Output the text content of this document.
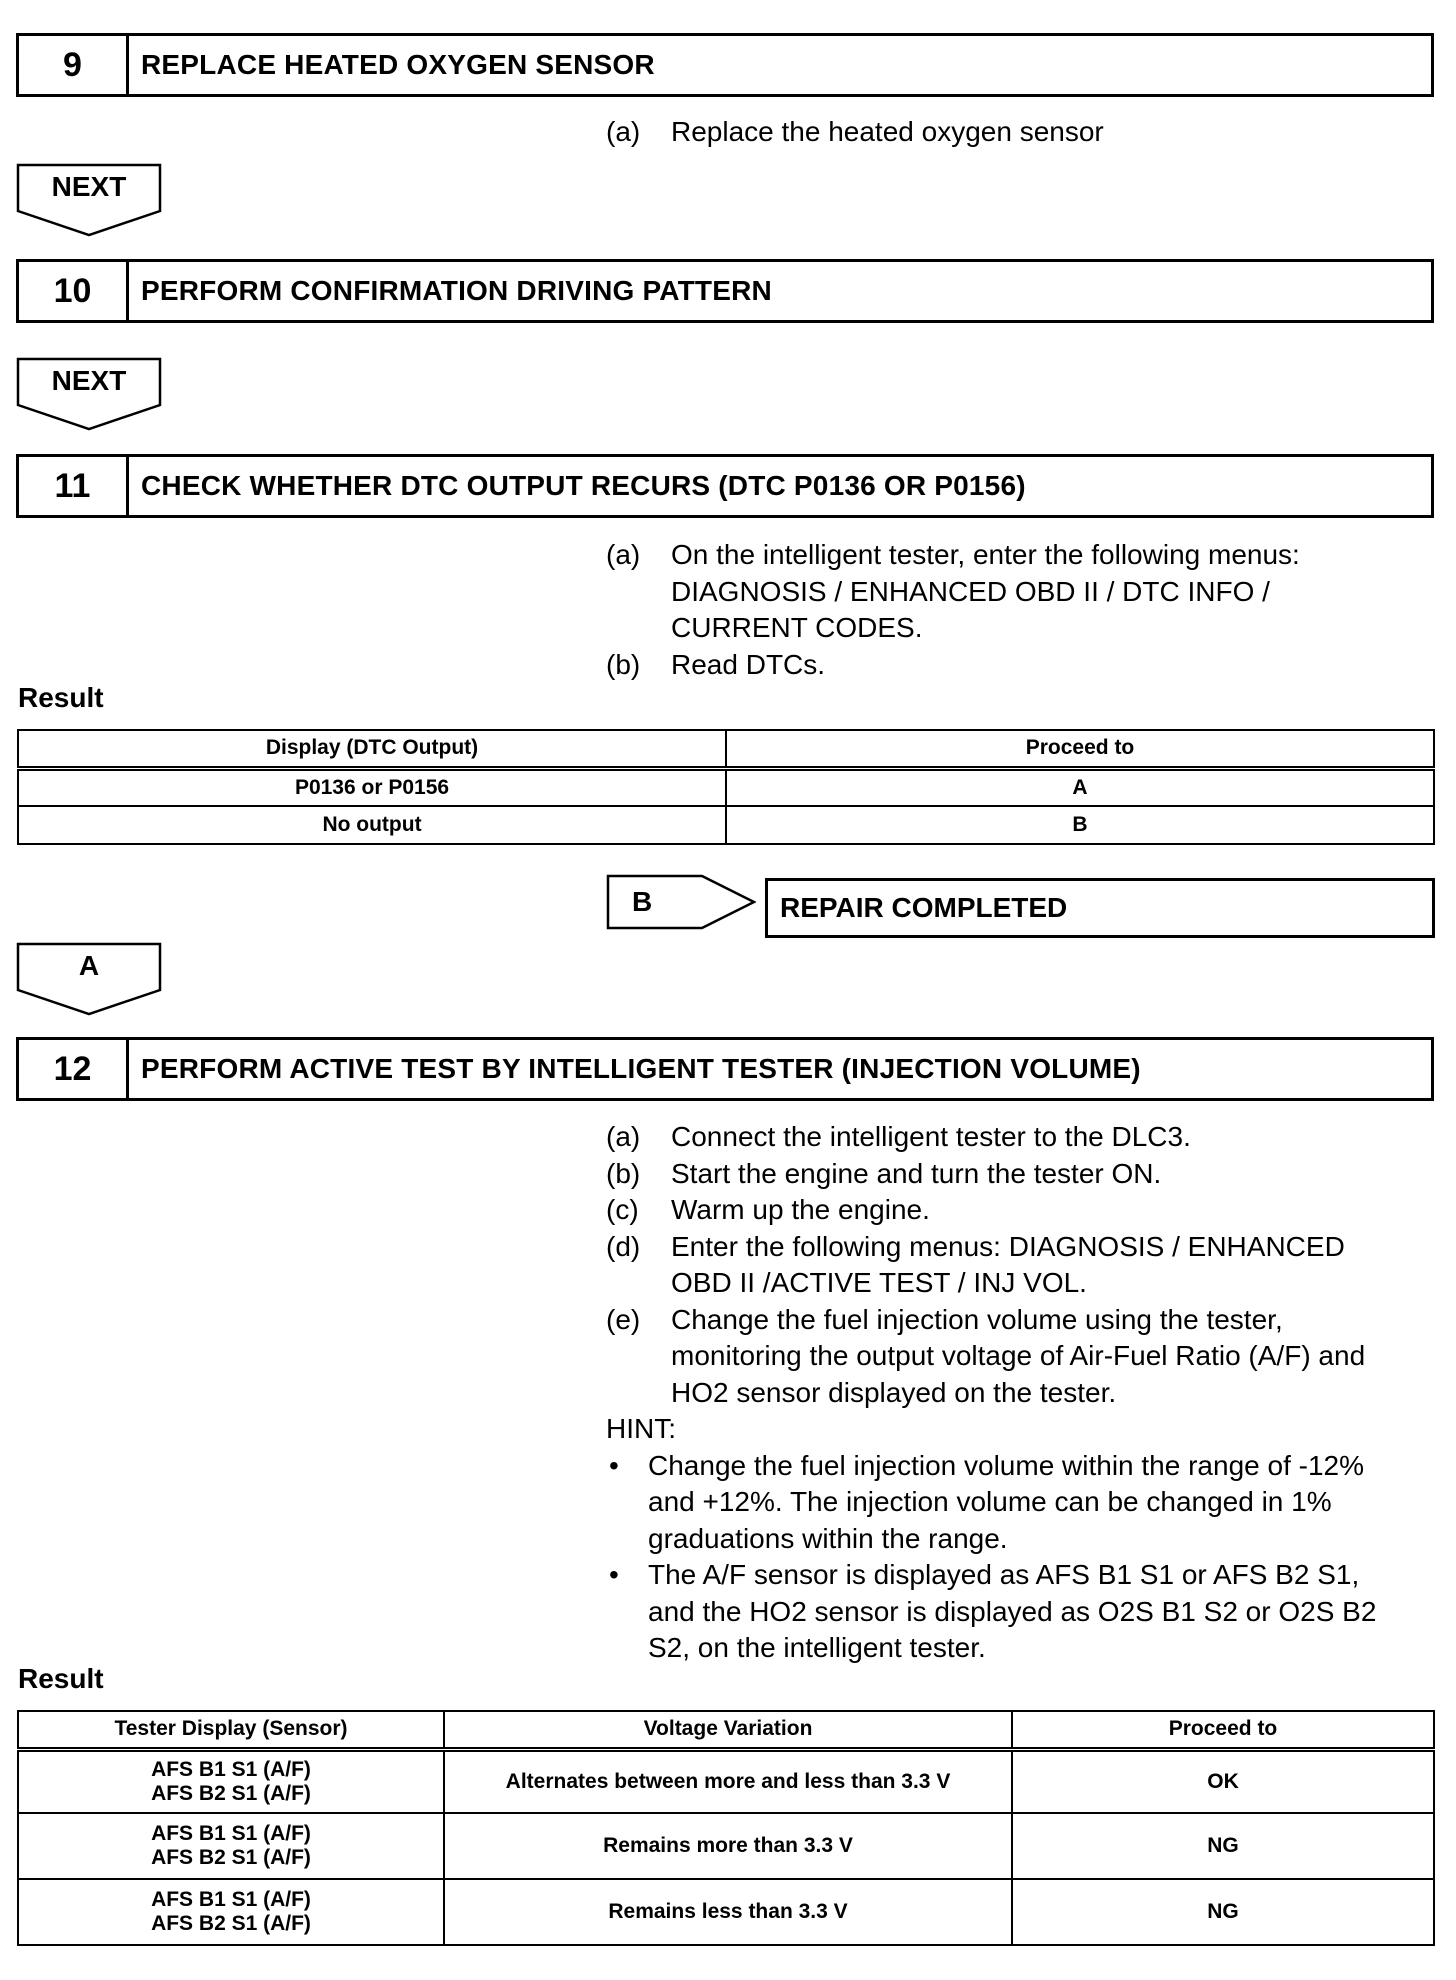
9	REPLACE HEATED OXYGEN SENSOR
(a)	Replace the heated oxygen sensor
NEXT
10	PERFORM CONFIRMATION DRIVING PATTERN
NEXT
11	CHECK WHETHER DTC OUTPUT RECURS (DTC P0136 OR P0156)
(a)	On the intelligent tester, enter the following menus:
DIAGNOSIS / ENHANCED OBD II / DTC INFO /
CURRENT CODES.
(b)	Read DTCs.
Result
Display (DTC Output)	Proceed to
P0136 or P0156	A
No output	B
B	REPAIR COMPLETED
A
12	PERFORM ACTIVE TEST BY INTELLIGENT TESTER (INJECTION VOLUME)
(a)	Connect the intelligent tester to the DLC3.
(b)	Start the engine and turn the tester ON.
(c)	Warm up the engine.
(d)	Enter the following menus: DIAGNOSIS / ENHANCED
OBD II /ACTIVE TEST / INJ VOL.
(e)	Change the fuel injection volume using the tester,
monitoring the output voltage of Air-Fuel Ratio (A/F) and
HO2 sensor displayed on the tester.
HINT:
•	Change the fuel injection volume within the range of -12%
and +12%. The injection volume can be changed in 1%
graduations within the range.
•	The A/F sensor is displayed as AFS B1 S1 or AFS B2 S1,
and the HO2 sensor is displayed as O2S B1 S2 or O2S B2
S2, on the intelligent tester.
Result
Tester Display (Sensor)	Voltage Variation	Proceed to

AFS B1 S1 (A/F)
AFS B2 S1 (A/F)	Alternates between more and less than 3.3 V	OK

AFS B1 S1 (A/F)
AFS B2 S1 (A/F)	Remains more than 3.3 V	NG

AFS B1 S1 (A/F)
AFS B2 S1 (A/F)	Remains less than 3.3 V	NG
